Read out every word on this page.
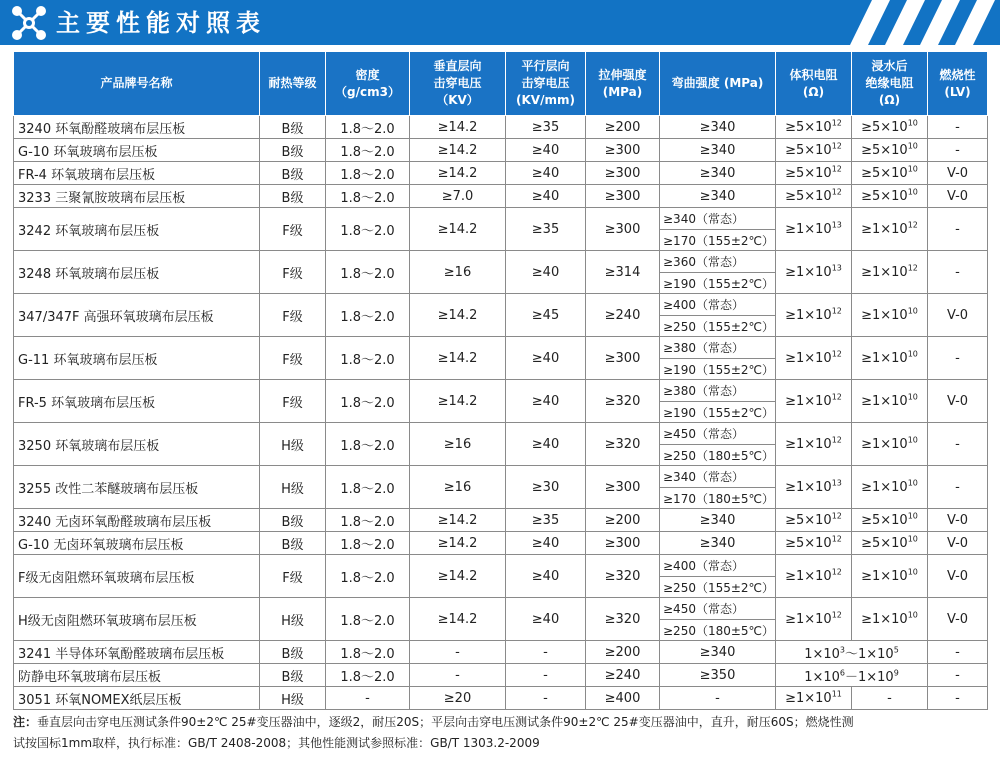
主要性能对照表
产品牌号名称	耐热等级	密度
（g/cm3）	垂直层向
击穿电压
（KV）	平行层向
击穿电压
(KV/mm)	拉伸强度
(MPa)	弯曲强度 (MPa)	体积电阻
(Ω)	浸水后
绝缘电阻
(Ω)	燃烧性
(LV)
3240 环氧酚醛玻璃布层压板	B级	1.8～2.0	≥14.2	≥35	≥200	≥340	$\ge 5\times 10^{12}$	$\ge 5\times 10^{10}$	-
G-10 环氧玻璃布层压板	B级	1.8～2.0	≥14.2	≥40	≥300	≥340	$\ge 5\times 10^{12}$	$\ge 5\times 10^{10}$	-
FR-4 环氧玻璃布层压板	B级	1.8～2.0	≥14.2	≥40	≥300	≥340	$\ge 5\times 10^{12}$	$\ge 5\times 10^{10}$	V-0
3233 三聚氰胺玻璃布层压板	B级	1.8～2.0	≥7.0	≥40	≥300	≥340	$\ge 5\times 10^{12}$	$\ge 5\times 10^{10}$	V-0
3242 环氧玻璃布层压板	F级	1.8～2.0	≥14.2	≥35	≥300	≥340（常态）	$\ge 1\times 10^{13}$	$\ge 1\times 10^{12}$	-
						≥170（155±2℃）			
3248 环氧玻璃布层压板	F级	1.8～2.0	≥16	≥40	≥314	≥360（常态）	$\ge 1\times 10^{13}$	$\ge 1\times 10^{12}$	-
						≥190（155±2℃）			
347/347F 高强环氧玻璃布层压板	F级	1.8～2.0	≥14.2	≥45	≥240	≥400（常态）	$\ge 1\times 10^{12}$	$\ge 1\times 10^{10}$	V-0
						≥250（155±2℃）			
G-11 环氧玻璃布层压板	F级	1.8～2.0	≥14.2	≥40	≥300	≥380（常态）	$\ge 1\times 10^{12}$	$\ge 1\times 10^{10}$	-
						≥190（155±2℃）			
FR-5 环氧玻璃布层压板	F级	1.8～2.0	≥14.2	≥40	≥320	≥380（常态）	$\ge 1\times 10^{12}$	$\ge 1\times 10^{10}$	V-0
						≥190（155±2℃）			
3250 环氧玻璃布层压板	H级	1.8～2.0	≥16	≥40	≥320	≥450（常态）	$\ge 1\times 10^{12}$	$\ge 1\times 10^{10}$	-
						≥250（180±5℃）			
3255 改性二苯醚玻璃布层压板	H级	1.8～2.0	≥16	≥30	≥300	≥340（常态）	$\ge 1\times 10^{13}$	$\ge 1\times 10^{10}$	-
						≥170（180±5℃）			
3240 无卤环氧酚醛玻璃布层压板	B级	1.8～2.0	≥14.2	≥35	≥200	≥340	$\ge 5\times 10^{12}$	$\ge 5\times 10^{10}$	V-0
G-10 无卤环氧玻璃布层压板	B级	1.8～2.0	≥14.2	≥40	≥300	≥340	$\ge 5\times 10^{12}$	$\ge 5\times 10^{10}$	V-0
F级无卤阻燃环氧玻璃布层压板	F级	1.8～2.0	≥14.2	≥40	≥320	≥400（常态）	$\ge 1\times 10^{12}$	$\ge 1\times 10^{10}$	V-0
						≥250（155±2℃）			
H级无卤阻燃环氧玻璃布层压板	H级	1.8～2.0	≥14.2	≥40	≥320	≥450（常态）	$\ge 1\times 10^{12}$	$\ge 1\times 10^{10}$	V-0
						≥250（180±5℃）			
3241 半导体环氧酚醛玻璃布层压板	B级	1.8～2.0	-	-	≥200	≥340	$1\times 10^3\sim 1\times 10^5$		-
防静电环氧玻璃布层压板	B级	1.8～2.0	-	-	≥240	≥350	$1\times 10^6-1\times 10^9$		-
3051 环氧NOMEX纸层压板	H级	-	≥20	-	≥400	-	$\ge 1\times 10^{11}$	-	-
注：垂直层向击穿电压测试条件90±2℃ 25#变压器油中，逐级2，耐压20S；平层向击穿电压测试条件90±2℃ 25#变压器油中，直升，耐压60S；燃烧性测
试按国标1mm取样，执行标准：GB/T 2408-2008；其他性能测试参照标准：GB/T 1303.2-2009
